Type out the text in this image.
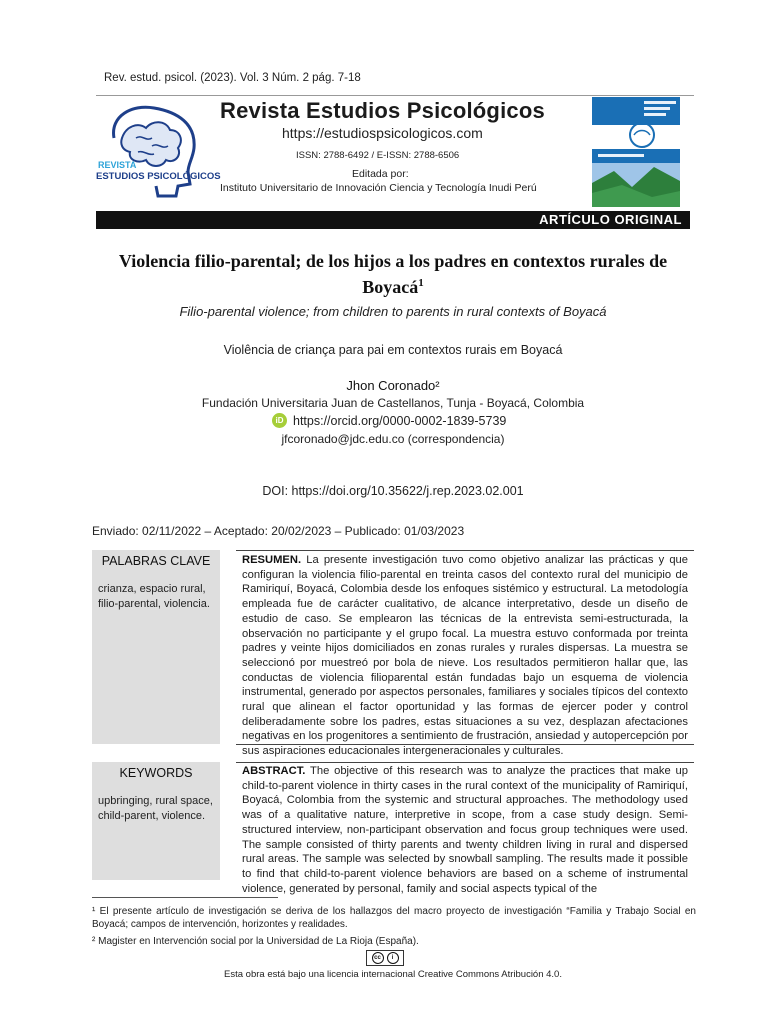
Rev. estud. psicol. (2023). Vol. 3 Núm. 2 pág. 7-18
REVISTA
ESTUDIOS PSICOLÓGICOS
Revista Estudios Psicológicos
https://estudiospsicologicos.com
ISSN: 2788-6492 / E-ISSN: 2788-6506
Editada por:
Instituto Universitario de Innovación Ciencia y Tecnología Inudi Perú
ARTÍCULO ORIGINAL
Violencia filio-parental; de los hijos a los padres en contextos rurales de Boyacá$^1$
Filio-parental violence; from children to parents in rural contexts of Boyacá
Violência de criança para pai em contextos rurais em Boyacá
Jhon Coronado²
Fundación Universitaria Juan de Castellanos, Tunja - Boyacá, Colombia
iD https://orcid.org/0000-0002-1839-5739
jfcoronado@jdc.edu.co (correspondencia)
DOI: https://doi.org/10.35622/j.rep.2023.02.001
Enviado: 02/11/2022 – Aceptado: 20/02/2023 – Publicado: 01/03/2023
PALABRAS CLAVE
crianza, espacio rural, filio-parental, violencia.
RESUMEN. La presente investigación tuvo como objetivo analizar las prácticas y que configuran la violencia filio-parental en treinta casos del contexto rural del municipio de Ramiriquí, Boyacá, Colombia desde los enfoques sistémico y estructural. La metodología empleada fue de carácter cualitativo, de alcance interpretativo, desde un diseño de estudio de caso. Se emplearon las técnicas de la entrevista semi-estructurada, la observación no participante y el grupo focal. La muestra estuvo conformada por treinta padres y veinte hijos domiciliados en zonas rurales y rurales dispersas. La muestra se seleccionó por muestreó por bola de nieve. Los resultados permitieron hallar que, las conductas de violencia filioparental están fundadas bajo un esquema de violencia instrumental, generado por aspectos personales, familiares y sociales típicos del contexto rural que alinean el factor oportunidad y las formas de ejercer poder y control deliberadamente sobre los padres, estas situaciones a su vez, desplazan afectaciones negativas en los progenitores a sentimiento de frustración, ansiedad y autopercepción por sus aspiraciones educacionales intergeneracionales y culturales.
KEYWORDS
upbringing, rural space, child-parent, violence.
ABSTRACT. The objective of this research was to analyze the practices that make up child-to-parent violence in thirty cases in the rural context of the municipality of Ramiriquí, Boyacá, Colombia from the systemic and structural approaches. The methodology used was of a qualitative nature, interpretive in scope, from a case study design. Semi-structured interview, non-participant observation and focus group techniques were used. The sample consisted of thirty parents and twenty children living in rural and dispersed rural areas. The sample was selected by snowball sampling. The results made it possible to find that child-to-parent violence behaviors are based on a scheme of instrumental violence, generated by personal, family and social aspects typical of the
¹ El presente artículo de investigación se deriva de los hallazgos del macro proyecto de investigación “Familia y Trabajo Social en Boyacá; campos de intervención, horizontes y realidades.
² Magister en Intervención social por la Universidad de La Rioja (España).
cc	i
Esta obra está bajo una licencia internacional Creative Commons Atribución 4.0.
